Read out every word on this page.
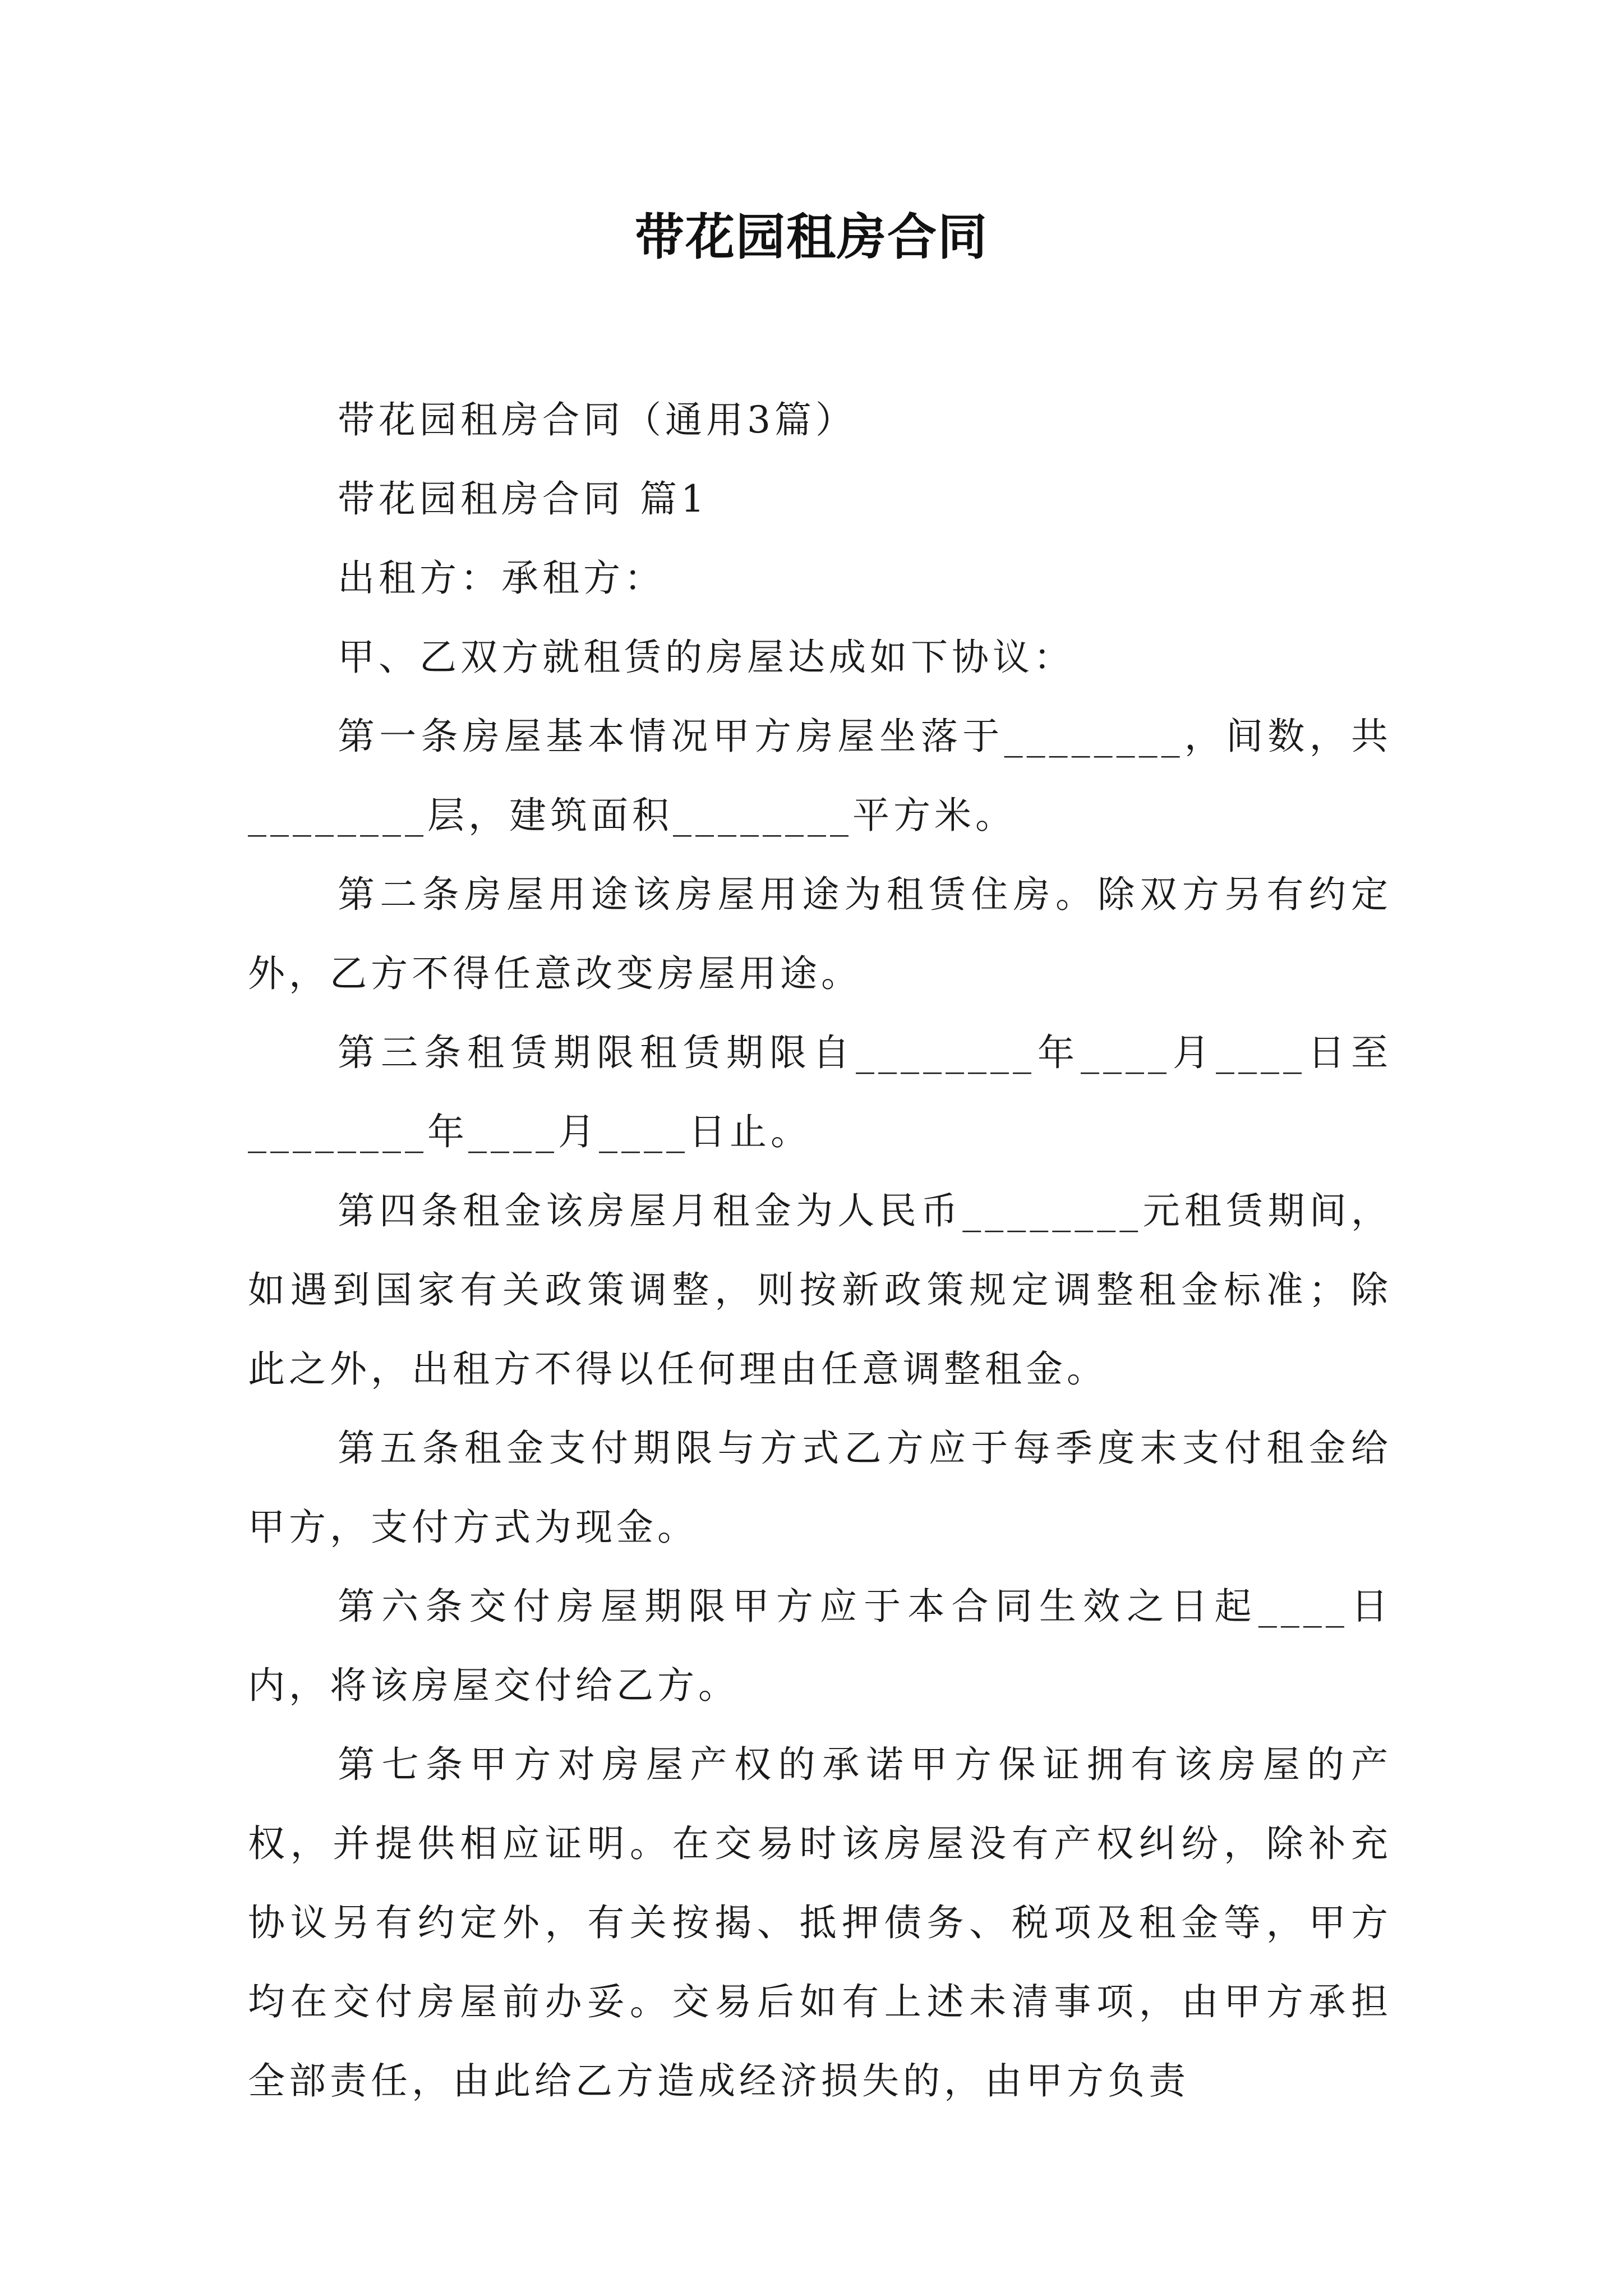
带花园租房合同

带花园租房合同（通用3篇）

带花园租房合同 篇1

出租方：承租方：

甲、乙双方就租赁的房屋达成如下协议：

第一条房屋基本情况甲方房屋坐落于________，间数，共________层，建筑面积________平方米。

第二条房屋用途该房屋用途为租赁住房。除双方另有约定外，乙方不得任意改变房屋用途。

第三条租赁期限租赁期限自________年____月____日至________年____月____日止。

第四条租金该房屋月租金为人民币________元租赁期间，如遇到国家有关政策调整，则按新政策规定调整租金标准；除此之外，出租方不得以任何理由任意调整租金。

第五条租金支付期限与方式乙方应于每季度末支付租金给甲方，支付方式为现金。

第六条交付房屋期限甲方应于本合同生效之日起____日内，将该房屋交付给乙方。

第七条甲方对房屋产权的承诺甲方保证拥有该房屋的产权，并提供相应证明。在交易时该房屋没有产权纠纷，除补充协议另有约定外，有关按揭、抵押债务、税项及租金等，甲方均在交付房屋前办妥。交易后如有上述未清事项，由甲方承担全部责任，由此给乙方造成经济损失的，由甲方负责
